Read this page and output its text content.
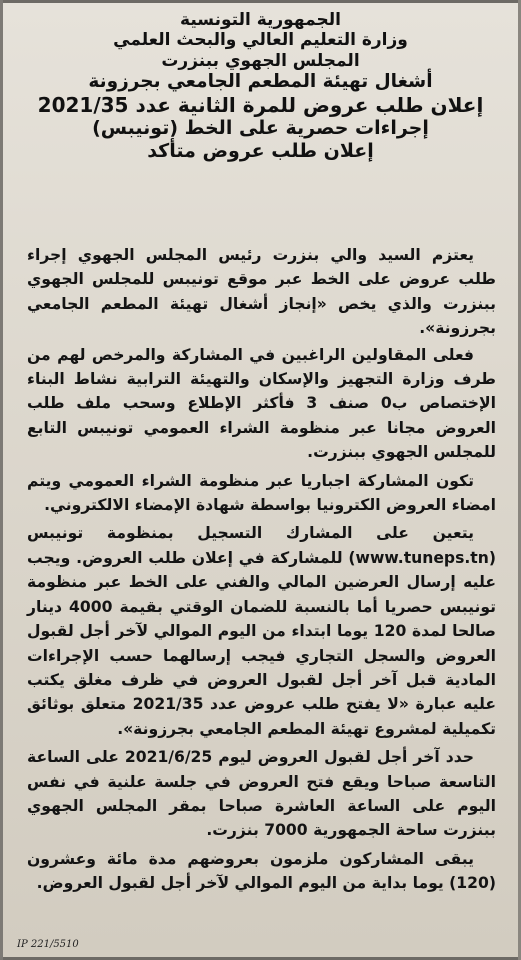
الجمهورية التونسية
وزارة التعليم العالي والبحث العلمي
المجلس الجهوي ببنزرت
أشغال تهيئة المطعم الجامعي بجرزونة
إعلان طلب عروض للمرة الثانية عدد 2021/35
إجراءات حصرية على الخط (تونيبس)
إعلان طلب عروض متأكد

يعتزم السيد والي بنزرت رئيس المجلس الجهوي إجراء طلب عروض على الخط عبر موقع تونيبس للمجلس الجهوي ببنزرت والذي يخص «إنجاز أشغال تهيئة المطعم الجامعي بجرزونة».

فعلى المقاولين الراغبين في المشاركة والمرخص لهم من طرف وزارة التجهيز والإسكان والتهيئة الترابية نشاط البناء الإختصاص ب0 صنف 3 فأكثر الإطلاع وسحب ملف طلب العروض مجانا عبر منظومة الشراء العمومي تونيبس التابع للمجلس الجهوي ببنزرت.

تكون المشاركة اجباريا عبر منظومة الشراء العمومي ويتم امضاء العروض الكترونيا بواسطة شهادة الإمضاء الالكتروني.

يتعين على المشارك التسجيل بمنظومة تونيبس (www.tuneps.tn) للمشاركة في إعلان طلب العروض. ويجب عليه إرسال العرضين المالي والفني على الخط عبر منظومة تونيبس حصريا أما بالنسبة للضمان الوقتي بقيمة 4000 دينار صالحا لمدة 120 يوما ابتداء من اليوم الموالي لآخر أجل لقبول العروض والسجل التجاري فيجب إرسالهما حسب الإجراءات المادية قبل آخر أجل لقبول العروض في ظرف مغلق يكتب عليه عبارة «لا يفتح طلب عروض عدد 2021/35 متعلق بوثائق تكميلية لمشروع تهيئة المطعم الجامعي بجرزونة».

حدد آخر أجل لقبول العروض ليوم 2021/6/25 على الساعة التاسعة صباحا ويقع فتح العروض في جلسة علنية في نفس اليوم على الساعة العاشرة صباحا بمقر المجلس الجهوي ببنزرت ساحة الجمهورية 7000 بنزرت.

يبقى المشاركون ملزمون بعروضهم مدة مائة وعشرون (120) يوما بداية من اليوم الموالي لآخر أجل لقبول العروض.

IP 221/5510
